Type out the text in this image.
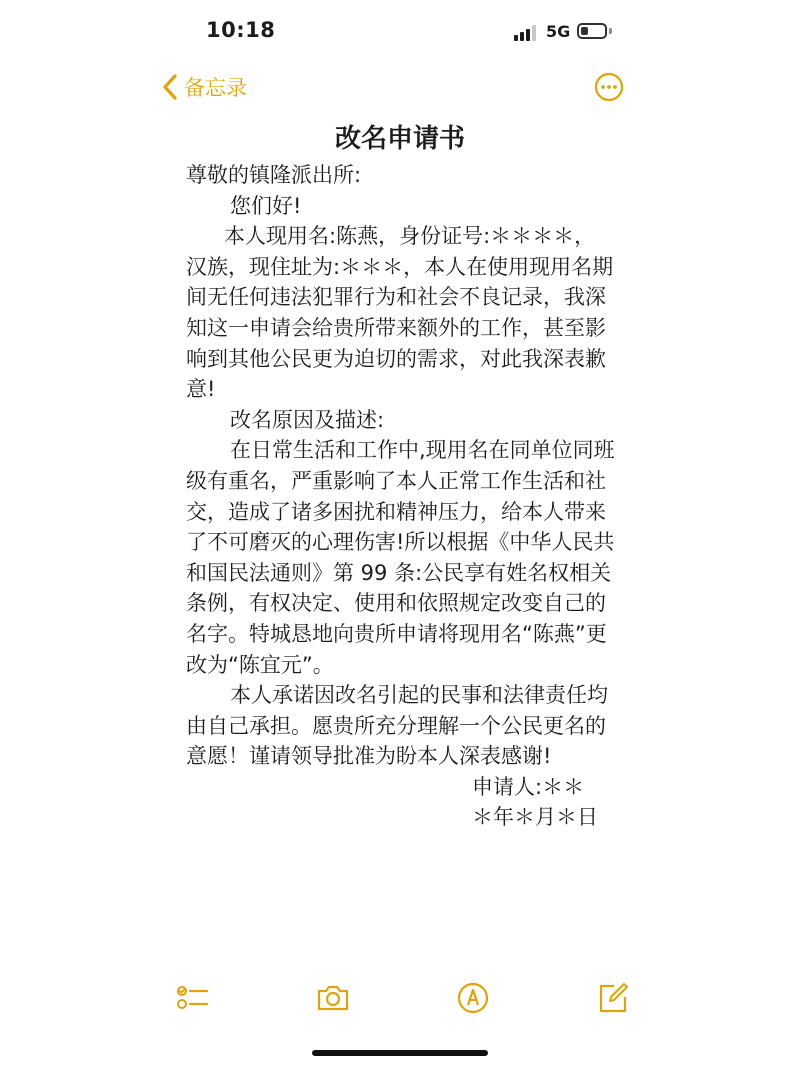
10:18	5G
备忘录
改名申请书

尊敬的镇隆派出所:

您们好!

本人现用名:陈燕，身份证号:＊＊＊＊，汉族，现住址为:＊＊＊，本人在使用现用名期间无任何违法犯罪行为和社会不良记录，我深知这一申请会给贵所带来额外的工作，甚至影响到其他公民更为迫切的需求，对此我深表歉意!

改名原因及描述:

在日常生活和工作中,现用名在同单位同班级有重名，严重影响了本人正常工作生活和社交，造成了诸多困扰和精神压力，给本人带来了不可磨灭的心理伤害!所以根据《中华人民共和国民法通则》第 99 条:公民享有姓名权相关条例，有权决定、使用和依照规定改变自己的名字。特城恳地向贵所申请将现用名“陈燕”更改为“陈宜元”。

本人承诺因改名引起的民事和法律责任均由自己承担。愿贵所充分理解一个公民更名的意愿！谨请领导批准为盼本人深表感谢!

申请人:＊＊

＊年＊月＊日
